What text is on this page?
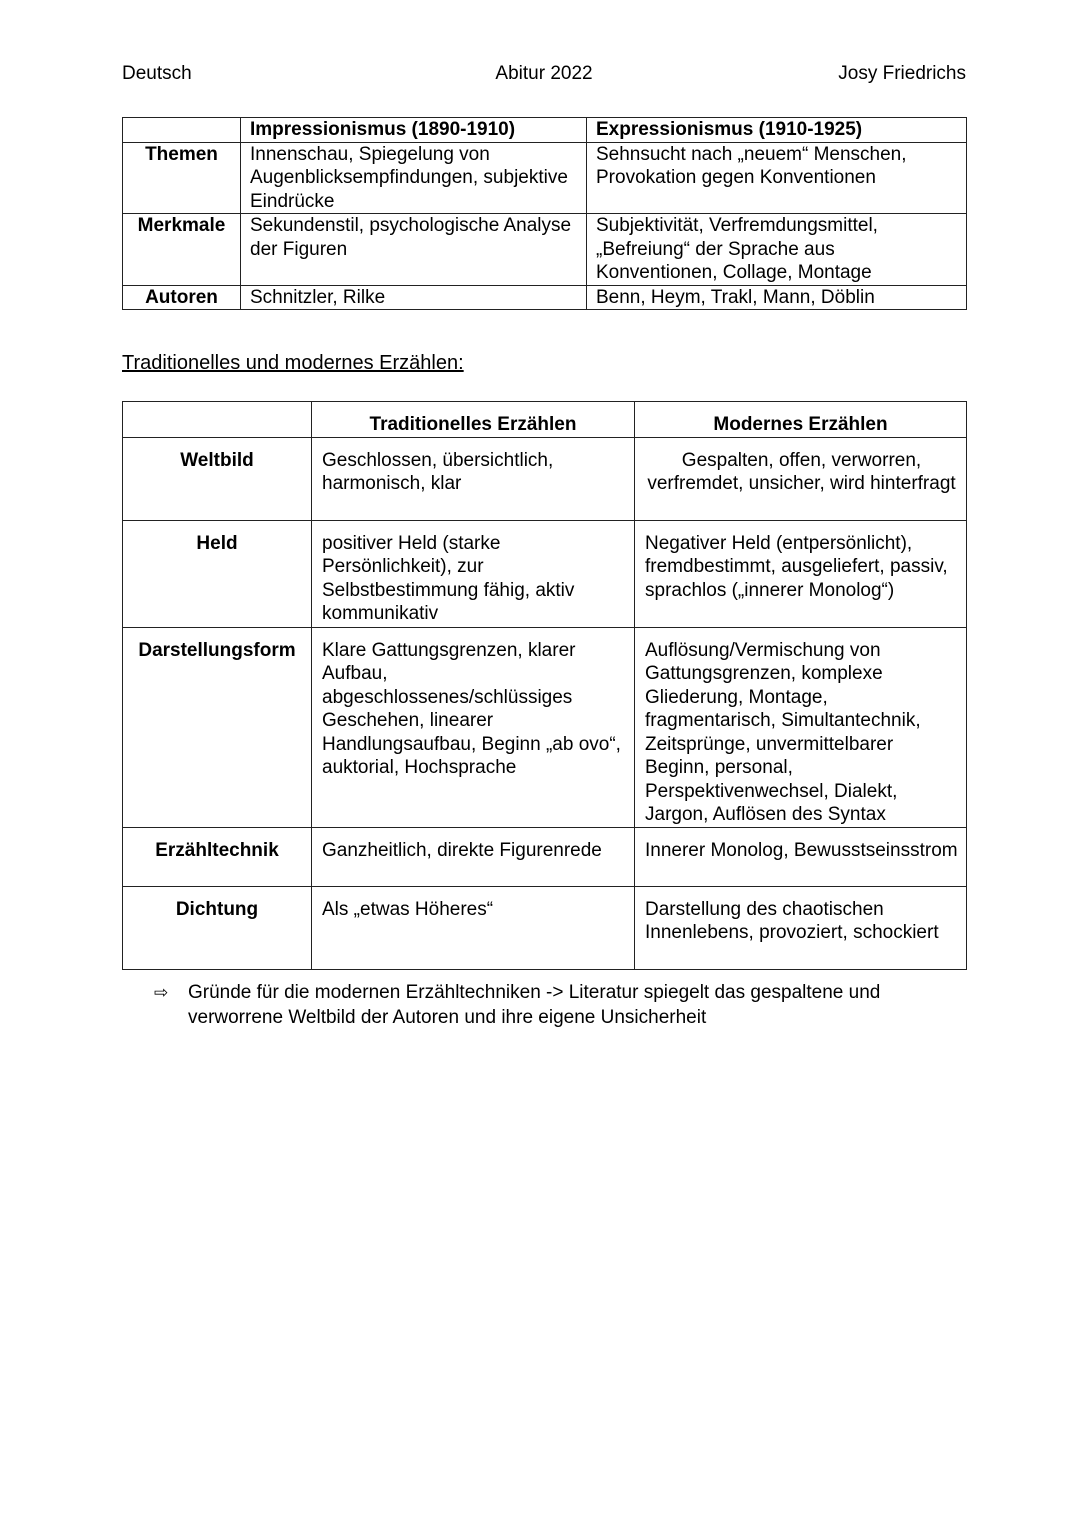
Deutsch	Abitur 2022	Josy Friedrichs
	Impressionismus (1890-1910)	Expressionismus (1910-1925)
Themen	Innenschau, Spiegelung von Augenblicksempfindungen, subjektive Eindrücke	Sehnsucht nach „neuem“ Menschen, Provokation gegen Konventionen
Merkmale	Sekundenstil, psychologische Analyse der Figuren	Subjektivität, Verfremdungsmittel, „Befreiung“ der Sprache aus Konventionen, Collage, Montage
Autoren	Schnitzler, Rilke	Benn, Heym, Trakl, Mann, Döblin
Traditionelles und modernes Erzählen:
	Traditionelles Erzählen	Modernes Erzählen
Weltbild	Geschlossen, übersichtlich, harmonisch, klar	Gespalten, offen, verworren, verfremdet, unsicher, wird hinterfragt
Held	positiver Held (starke Persönlichkeit), zur Selbstbestimmung fähig, aktiv kommunikativ	Negativer Held (entpersönlicht), fremdbestimmt, ausgeliefert, passiv, sprachlos („innerer Monolog“)
Darstellungsform	Klare Gattungsgrenzen, klarer Aufbau, abgeschlossenes/schlüssiges Geschehen, linearer Handlungsaufbau, Beginn „ab ovo“, auktorial, Hochsprache	Auflösung/Vermischung von Gattungsgrenzen, komplexe Gliederung, Montage, fragmentarisch, Simultantechnik, Zeitsprünge, unvermittelbarer Beginn, personal, Perspektivenwechsel, Dialekt, Jargon, Auflösen des Syntax
Erzähltechnik	Ganzheitlich, direkte Figurenrede	Innerer Monolog, Bewusstseinsstrom
Dichtung	Als „etwas Höheres“	Darstellung des chaotischen Innenlebens, provoziert, schockiert
⇨ Gründe für die modernen Erzähltechniken -> Literatur spiegelt das gespaltene und verworrene Weltbild der Autoren und ihre eigene Unsicherheit
